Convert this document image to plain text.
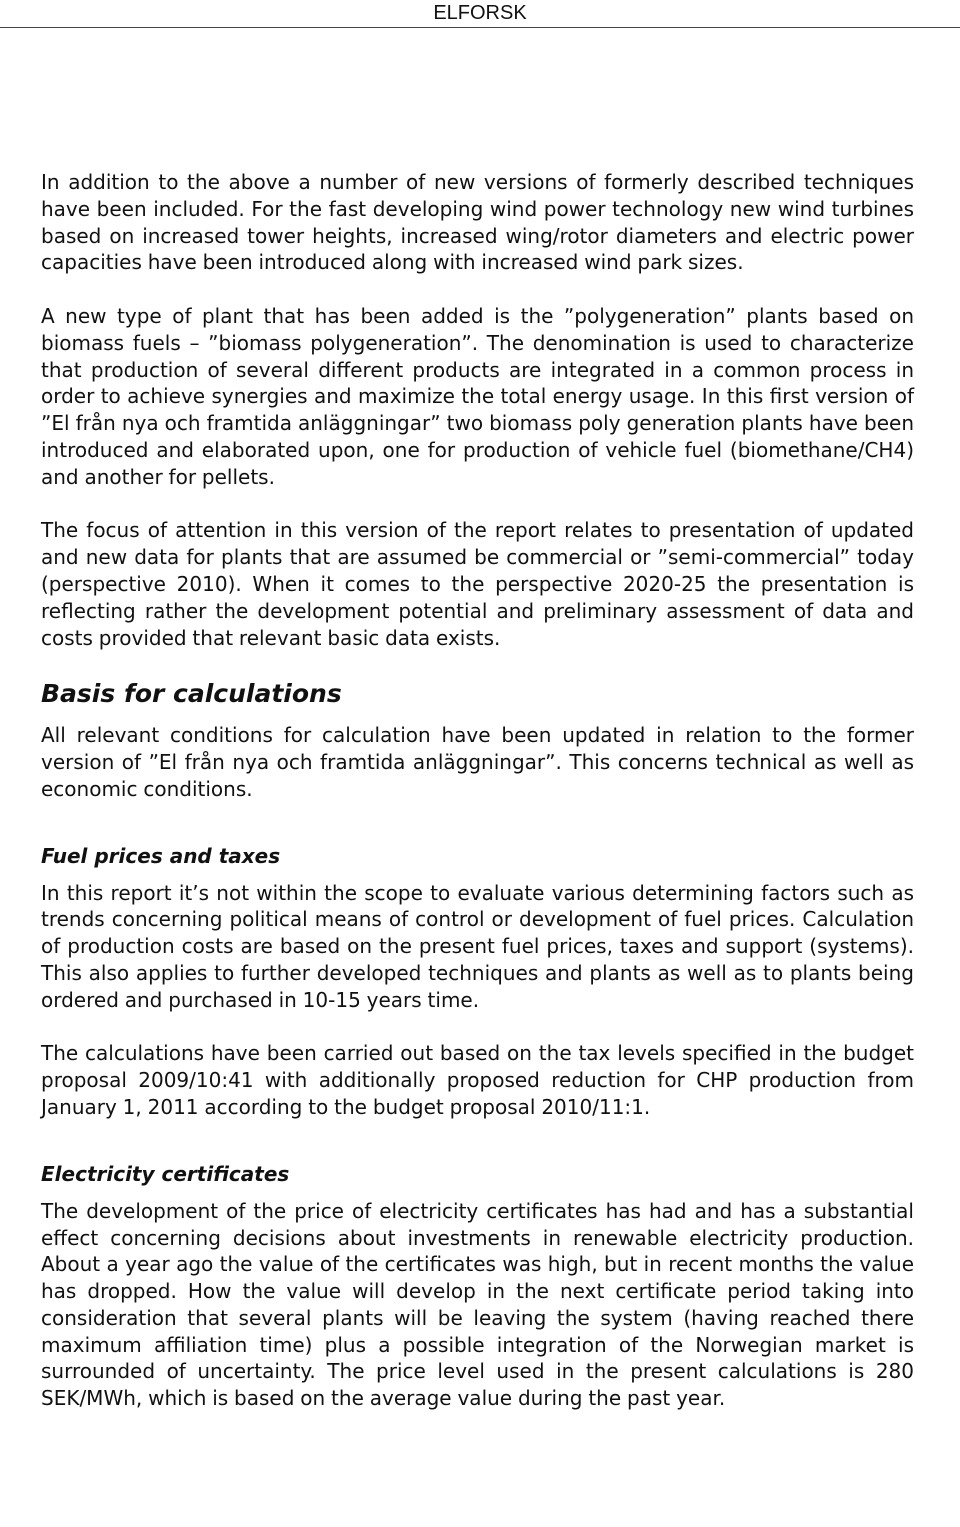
ELFORSK

In addition to the above a number of new versions of formerly described techniques have been included. For the fast developing wind power technology new wind turbines based on increased tower heights, increased wing/rotor diameters and electric power capacities have been introduced along with increased wind park sizes.

A new type of plant that has been added is the ˮpolygenerationˮ plants based on biomass fuels – ˮbiomass polygenerationˮ. The denomination is used to characterize that production of several different products are integrated in a common process in order to achieve synergies and maximize the total energy usage. In this first version of ˮEl från nya och framtida anläggningarˮ two biomass poly generation plants have been introduced and elaborated upon, one for production of vehicle fuel (biomethane/CH4) and another for pellets.

The focus of attention in this version of the report relates to presentation of updated and new data for plants that are assumed be commercial or ˮsemi-commercialˮ today (perspective 2010). When it comes to the perspective 2020-25 the presentation is reflecting rather the development potential and preliminary assessment of data and costs provided that relevant basic data exists.

Basis for calculations

All relevant conditions for calculation have been updated in relation to the former version of ˮEl från nya och framtida anläggningarˮ. This concerns technical as well as economic conditions.

Fuel prices and taxes

In this report it’s not within the scope to evaluate various determining factors such as trends concerning political means of control or development of fuel prices. Calculation of production costs are based on the present fuel prices, taxes and support (systems). This also applies to further developed techniques and plants as well as to plants being ordered and purchased in 10-15 years time.

The calculations have been carried out based on the tax levels specified in the budget proposal 2009/10:41 with additionally proposed reduction for CHP production from January 1, 2011 according to the budget proposal 2010/11:1.

Electricity certificates

The development of the price of electricity certificates has had and has a substantial effect concerning decisions about investments in renewable electricity production. About a year ago the value of the certificates was high, but in recent months the value has dropped. How the value will develop in the next certificate period taking into consideration that several plants will be leaving the system (having reached there maximum affiliation time) plus a possible integration of the Norwegian market is surrounded of uncertainty. The price level used in the present calculations is 280 SEK/MWh, which is based on the average value during the past year.
